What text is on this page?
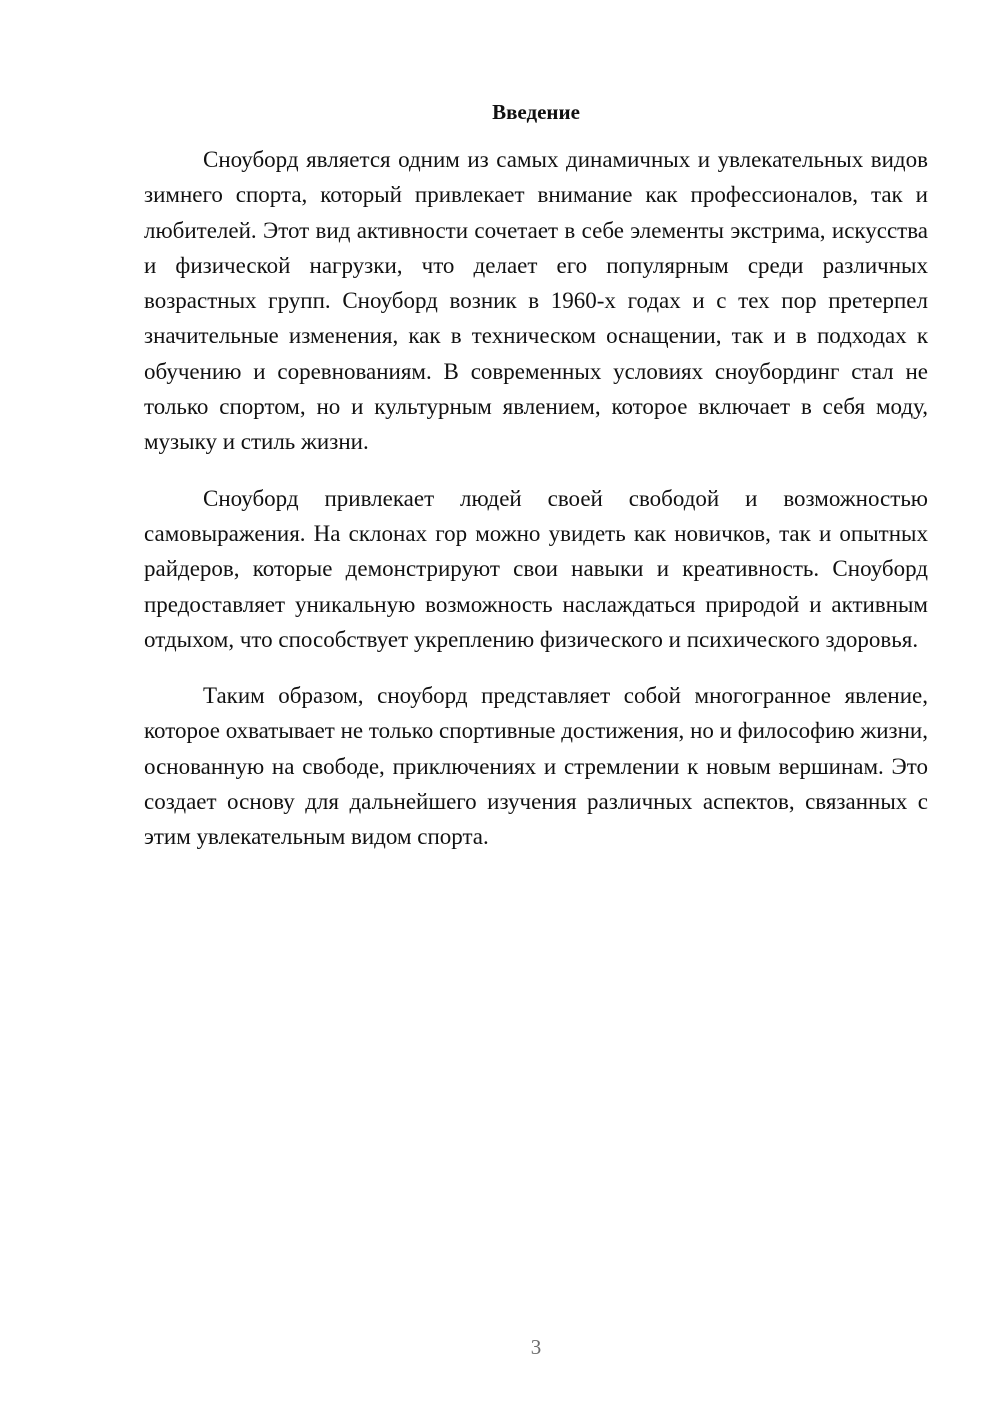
Введение

Сноуборд является одним из самых динамичных и увлекательных видов зимнего спорта, который привлекает внимание как профессионалов, так и любителей. Этот вид активности сочетает в себе элементы экстрима, искусства и физической нагрузки, что делает его популярным среди различных возрастных групп. Сноуборд возник в 1960-х годах и с тех пор претерпел значительные изменения, как в техническом оснащении, так и в подходах к обучению и соревнованиям. В современных условиях сноубординг стал не только спортом, но и культурным явлением, которое включает в себя моду, музыку и стиль жизни.

Сноуборд привлекает людей своей свободой и возможностью самовыражения. На склонах гор можно увидеть как новичков, так и опытных райдеров, которые демонстрируют свои навыки и креативность. Сноуборд предоставляет уникальную возможность наслаждаться природой и активным отдыхом, что способствует укреплению физического и психического здоровья.

Таким образом, сноуборд представляет собой многогранное явление, которое охватывает не только спортивные достижения, но и философию жизни, основанную на свободе, приключениях и стремлении к новым вершинам. Это создает основу для дальнейшего изучения различных аспектов, связанных с этим увлекательным видом спорта.

3
